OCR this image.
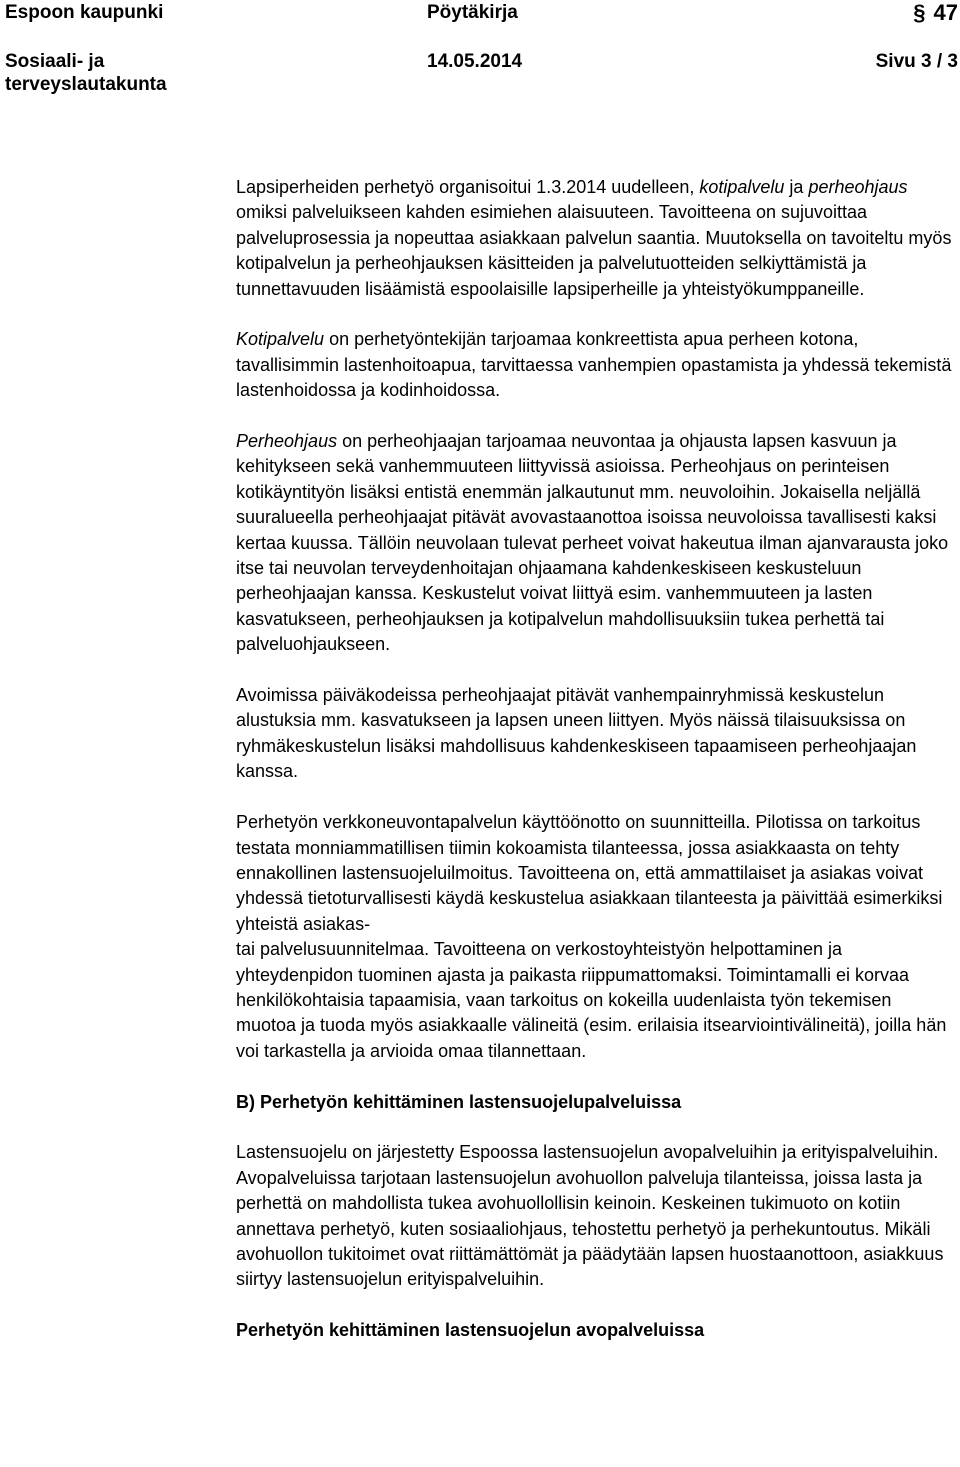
Espoon kaupunki	Pöytäkirja	§ 47
Sosiaali- ja terveyslautakunta
14.05.2014	Sivu 3 / 3

Lapsiperheiden perhetyö organisoitui 1.3.2014 uudelleen, kotipalvelu ja perheohjaus omiksi palveluikseen kahden esimiehen alaisuuteen. Tavoitteena on sujuvoittaa palveluprosessia ja nopeuttaa asiakkaan palvelun saantia. Muutoksella on tavoiteltu myös kotipalvelun ja perheohjauksen käsitteiden ja palvelutuotteiden selkiyttämistä ja tunnettavuuden lisäämistä espoolaisille lapsiperheille ja yhteistyökumppaneille.

Kotipalvelu on perhetyöntekijän tarjoamaa konkreettista apua perheen kotona, tavallisimmin lastenhoitoapua, tarvittaessa vanhempien opastamista ja yhdessä tekemistä lastenhoidossa ja kodinhoidossa.

Perheohjaus on perheohjaajan tarjoamaa neuvontaa ja ohjausta lapsen kasvuun ja kehitykseen sekä vanhemmuuteen liittyvissä asioissa. Perheohjaus on perinteisen kotikäyntityön lisäksi entistä enemmän jalkautunut mm. neuvoloihin. Jokaisella neljällä suuralueella perheohjaajat pitävät avovastaanottoa isoissa neuvoloissa tavallisesti kaksi kertaa kuussa. Tällöin neuvolaan tulevat perheet voivat hakeutua ilman ajanvarausta joko itse tai neuvolan terveydenhoitajan ohjaamana kahdenkeskiseen keskusteluun perheohjaajan kanssa. Keskustelut voivat liittyä esim. vanhemmuuteen ja lasten kasvatukseen, perheohjauksen ja kotipalvelun mahdollisuuksiin tukea perhettä tai palveluohjaukseen.

Avoimissa päiväkodeissa perheohjaajat pitävät vanhempainryhmissä keskustelun alustuksia mm. kasvatukseen ja lapsen uneen liittyen. Myös näissä tilaisuuksissa on ryhmäkeskustelun lisäksi mahdollisuus kahdenkeskiseen tapaamiseen perheohjaajan kanssa.

Perhetyön verkkoneuvontapalvelun käyttöönotto on suunnitteilla. Pilotissa on tarkoitus testata monniammatillisen tiimin kokoamista tilanteessa, jossa asiakkaasta on tehty ennakollinen lastensuojeluilmoitus. Tavoitteena on, että ammattilaiset ja asiakas voivat yhdessä tietoturvallisesti käydä keskustelua asiakkaan tilanteesta ja päivittää esimerkiksi yhteistä asiakas-
tai palvelusuunnitelmaa. Tavoitteena on verkostoyhteistyön helpottaminen ja yhteydenpidon tuominen ajasta ja paikasta riippumattomaksi. Toimintamalli ei korvaa henkilökohtaisia tapaamisia, vaan tarkoitus on kokeilla uudenlaista työn tekemisen muotoa ja tuoda myös asiakkaalle välineitä (esim. erilaisia itsearviointivälineitä), joilla hän voi tarkastella ja arvioida omaa tilannettaan.

B) Perhetyön kehittäminen lastensuojelupalveluissa

Lastensuojelu on järjestetty Espoossa lastensuojelun avopalveluihin ja erityispalveluihin. Avopalveluissa tarjotaan lastensuojelun avohuollon palveluja tilanteissa, joissa lasta ja perhettä on mahdollista tukea avohuollollisin keinoin. Keskeinen tukimuoto on kotiin annettava perhetyö, kuten sosiaaliohjaus, tehostettu perhetyö ja perhekuntoutus. Mikäli avohuollon tukitoimet ovat riittämättömät ja päädytään lapsen huostaanottoon, asiakkuus siirtyy lastensuojelun erityispalveluihin.

Perhetyön kehittäminen lastensuojelun avopalveluissa
